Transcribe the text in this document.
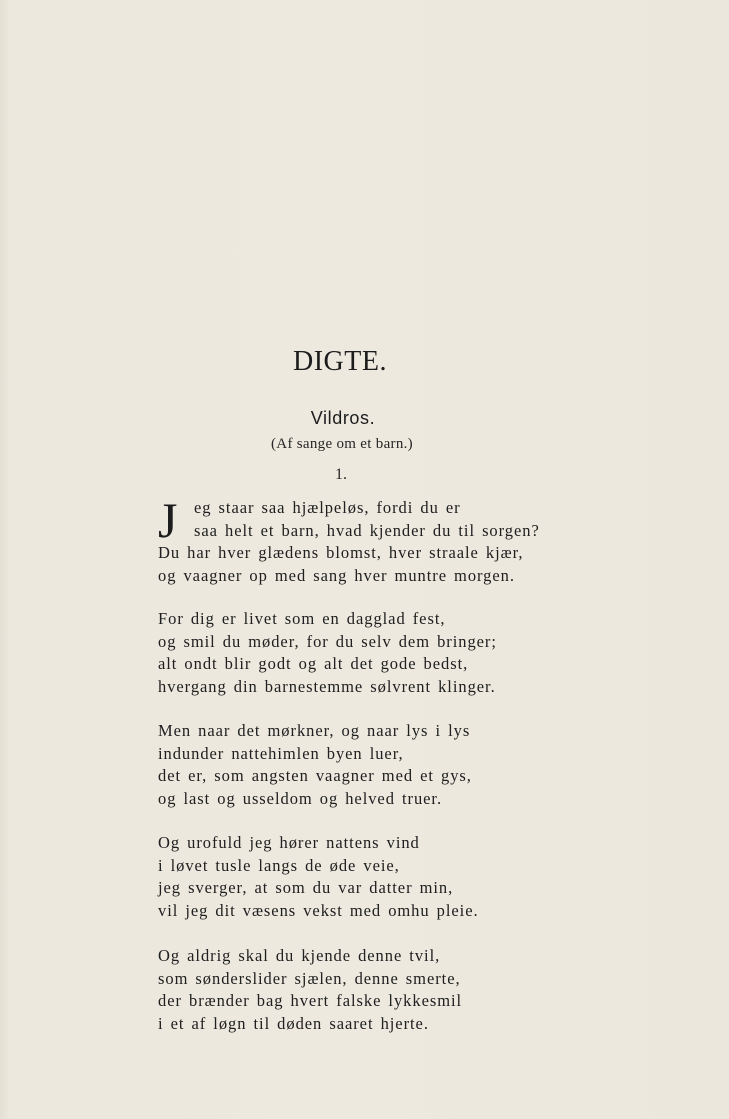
DIGTE.
Vildros.
(Af sange om et barn.)
1.
J	eg staar saa hjælpeløs, fordi du er
saa helt et barn, hvad kjender du til sorgen?
Du har hver glædens blomst, hver straale kjær,
og vaagner op med sang hver muntre morgen.
For dig er livet som en dagglad fest,
og smil du møder, for du selv dem bringer;
alt ondt blir godt og alt det gode bedst,
hvergang din barnestemme sølvrent klinger.
Men naar det mørkner, og naar lys i lys
indunder nattehimlen byen luer,
det er, som angsten vaagner med et gys,
og last og usseldom og helved truer.
Og urofuld jeg hører nattens vind
i løvet tusle langs de øde veie,
jeg sverger, at som du var datter min,
vil jeg dit væsens vekst med omhu pleie.
Og aldrig skal du kjende denne tvil,
som sønderslider sjælen, denne smerte,
der brænder bag hvert falske lykkesmil
i et af løgn til døden saaret hjerte.
